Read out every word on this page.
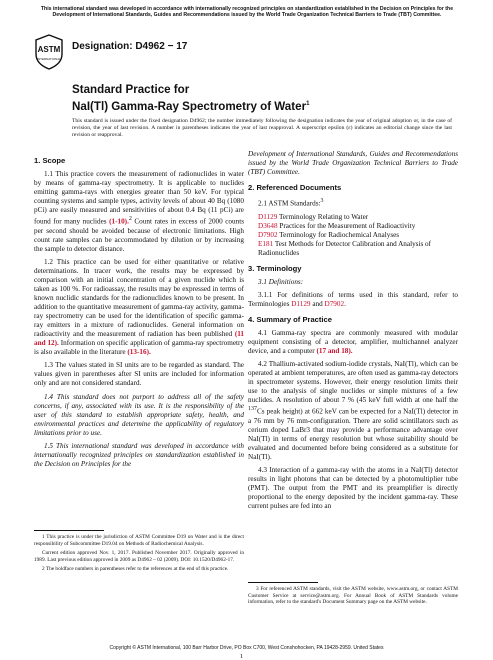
This international standard was developed in accordance with internationally recognized principles on standardization established in the Decision on Principles for the Development of International Standards, Guides and Recommendations issued by the World Trade Organization Technical Barriers to Trade (TBT) Committee.
ASTM
INTERNATIONAL
Designation: D4962 − 17
Standard Practice for
NaI(Tl) Gamma-Ray Spectrometry of Water$^1$
This standard is issued under the fixed designation D4962; the number immediately following the designation indicates the year of original adoption or, in the case of revision, the year of last revision. A number in parentheses indicates the year of last reapproval. A superscript epsilon (ε) indicates an editorial change since the last revision or reapproval.
1. Scope

1.1 This practice covers the measurement of radionuclides in water by means of gamma-ray spectrometry. It is applicable to nuclides emitting gamma-rays with energies greater than 50 keV. For typical counting systems and sample types, activity levels of about 40 Bq (1080 pCi) are easily measured and sensitivities of about 0.4 Bq (11 pCi) are found for many nuclides (1-10).$^2$ Count rates in excess of 2000 counts per second should be avoided because of electronic limitations. High count rate samples can be accommodated by dilution or by increasing the sample to detector distance.

1.2 This practice can be used for either quantitative or relative determinations. In tracer work, the results may be expressed by comparison with an initial concentration of a given nuclide which is taken as 100 %. For radioassay, the results may be expressed in terms of known nuclidic standards for the radionuclides known to be present. In addition to the quantitative measurement of gamma-ray activity, gamma-ray spectrometry can be used for the identification of specific gamma-ray emitters in a mixture of radionuclides. General information on radioactivity and the measurement of radiation has been published (11 and 12). Information on specific application of gamma-ray spectrometry is also available in the literature (13-16).

1.3 The values stated in SI units are to be regarded as standard. The values given in parentheses after SI units are included for information only and are not considered standard.

1.4 This standard does not purport to address all of the safety concerns, if any, associated with its use. It is the responsibility of the user of this standard to establish appropriate safety, health, and environmental practices and determine the applicability of regulatory limitations prior to use.

1.5 This international standard was developed in accordance with internationally recognized principles on standardization established in the Decision on Principles for the

Development of International Standards, Guides and Recommendations issued by the World Trade Organization Technical Barriers to Trade (TBT) Committee.

2. Referenced Documents

2.1 ASTM Standards:$^3$

D1129 Terminology Relating to Water
D3648 Practices for the Measurement of Radioactivity
D7902 Terminology for Radiochemical Analyses
E181 Test Methods for Detector Calibration and Analysis of Radionuclides
3. Terminology

3.1 Definitions:

3.1.1 For definitions of terms used in this standard, refer to Terminologies D1129 and D7902.

4. Summary of Practice

4.1 Gamma-ray spectra are commonly measured with modular equipment consisting of a detector, amplifier, multichannel analyzer device, and a computer (17 and 18).

4.2 Thallium-activated sodium-iodide crystals, NaI(Tl), which can be operated at ambient temperatures, are often used as gamma-ray detectors in spectrometer systems. However, their energy resolution limits their use to the analysis of single nuclides or simple mixtures of a few nuclides. A resolution of about 7 % (45 keV full width at one half the $^{137}$Cs peak height) at 662 keV can be expected for a NaI(Tl) detector in a 76 mm by 76 mm-configuration. There are solid scintillators such as cerium doped LaBr3 that may provide a performance advantage over NaI(Tl) in terms of energy resolution but whose suitability should be evaluated and documented before being considered as a substitute for NaI(Tl).

4.3 Interaction of a gamma-ray with the atoms in a NaI(Tl) detector results in light photons that can be detected by a photomultiplier tube (PMT). The output from the PMT and its preamplifier is directly proportional to the energy deposited by the incident gamma-ray. These current pulses are fed into an

1 This practice is under the jurisdiction of ASTM Committee D19 on Water and is the direct responsibility of Subcommittee D19.04 on Methods of Radiochemical Analysis.
Current edition approved Nov. 1, 2017. Published November 2017. Originally approved in 1989. Last previous edition approved in 2009 as D4962 – 02 (2009). DOI: 10.1520/D4962-17.
2 The boldface numbers in parentheses refer to the references at the end of this practice.
3 For referenced ASTM standards, visit the ASTM website, www.astm.org, or contact ASTM Customer Service at service@astm.org. For Annual Book of ASTM Standards volume information, refer to the standard's Document Summary page on the ASTM website.
Copyright © ASTM International, 100 Barr Harbor Drive, PO Box C700, West Conshohocken, PA 19428-2959. United States
1
